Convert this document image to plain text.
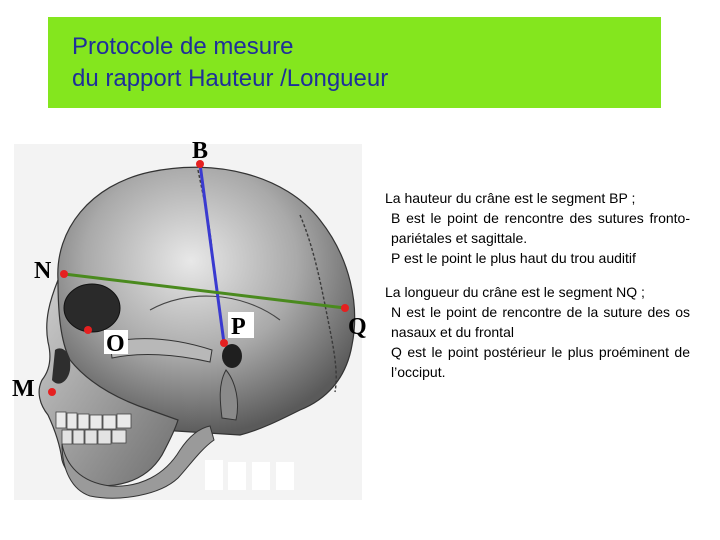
Protocole de mesure
du rapport Hauteur /Longueur
B
N
O
P	Q
M

La hauteur du crâne est le segment BP ;

B est le point de rencontre des sutures fronto-pariétales et sagittale.

P est le point le plus haut du trou auditif

La longueur du crâne est le segment NQ ;

N est le point de rencontre de la suture des os nasaux et du frontal

Q est le point postérieur le plus proéminent de l’occiput.
